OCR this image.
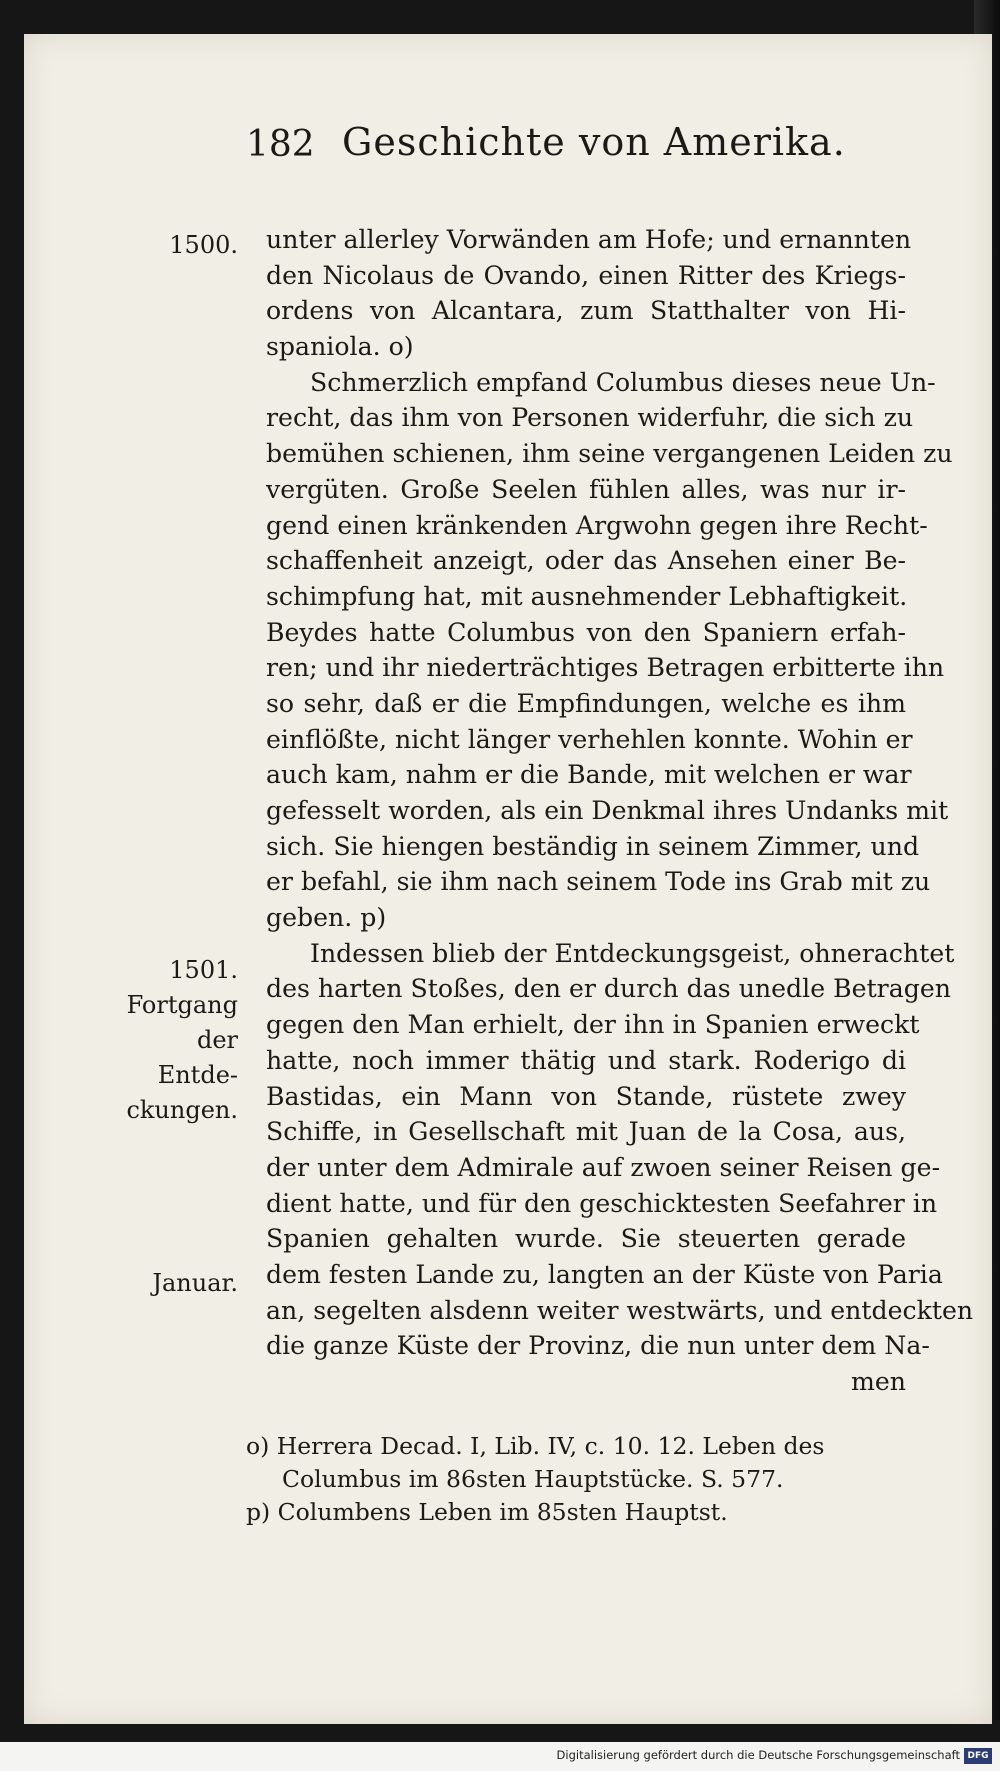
182 Geschichte von Amerika.
1500.
1501.
Fortgang
der Entde-
ckungen.
Januar.
unter allerley Vorwänden am Hofe; und ernannten
den Nicolaus de Ovando, einen Ritter des Kriegs-
ordens von Alcantara, zum Statthalter von Hi-
spaniola. o)
Schmerzlich empfand Columbus dieses neue Un-
recht, das ihm von Personen widerfuhr, die sich zu
bemühen schienen, ihm seine vergangenen Leiden zu
vergüten. Große Seelen fühlen alles, was nur ir-
gend einen kränkenden Argwohn gegen ihre Recht-
schaffenheit anzeigt, oder das Ansehen einer Be-
schimpfung hat, mit ausnehmender Lebhaftigkeit.
Beydes hatte Columbus von den Spaniern erfah-
ren; und ihr niederträchtiges Betragen erbitterte ihn
so sehr, daß er die Empfindungen, welche es ihm
einflößte, nicht länger verhehlen konnte. Wohin er
auch kam, nahm er die Bande, mit welchen er war
gefesselt worden, als ein Denkmal ihres Undanks mit
sich. Sie hiengen beständig in seinem Zimmer, und
er befahl, sie ihm nach seinem Tode ins Grab mit zu
geben. p)
Indessen blieb der Entdeckungsgeist, ohnerachtet
des harten Stoßes, den er durch das unedle Betragen
gegen den Man erhielt, der ihn in Spanien erweckt
hatte, noch immer thätig und stark. Roderigo di
Bastidas, ein Mann von Stande, rüstete zwey
Schiffe, in Gesellschaft mit Juan de la Cosa, aus,
der unter dem Admirale auf zwoen seiner Reisen ge-
dient hatte, und für den geschicktesten Seefahrer in
Spanien gehalten wurde. Sie steuerten gerade
dem festen Lande zu, langten an der Küste von Paria
an, segelten alsdenn weiter westwärts, und entdeckten
die ganze Küste der Provinz, die nun unter dem Na-
men
o) Herrera Decad. I, Lib. IV, c. 10. 12. Leben des
Columbus im 86sten Hauptstücke. S. 577.
p) Columbens Leben im 85sten Hauptst.
Digitalisierung gefördert durch die Deutsche Forschungsgemeinschaft DFG
